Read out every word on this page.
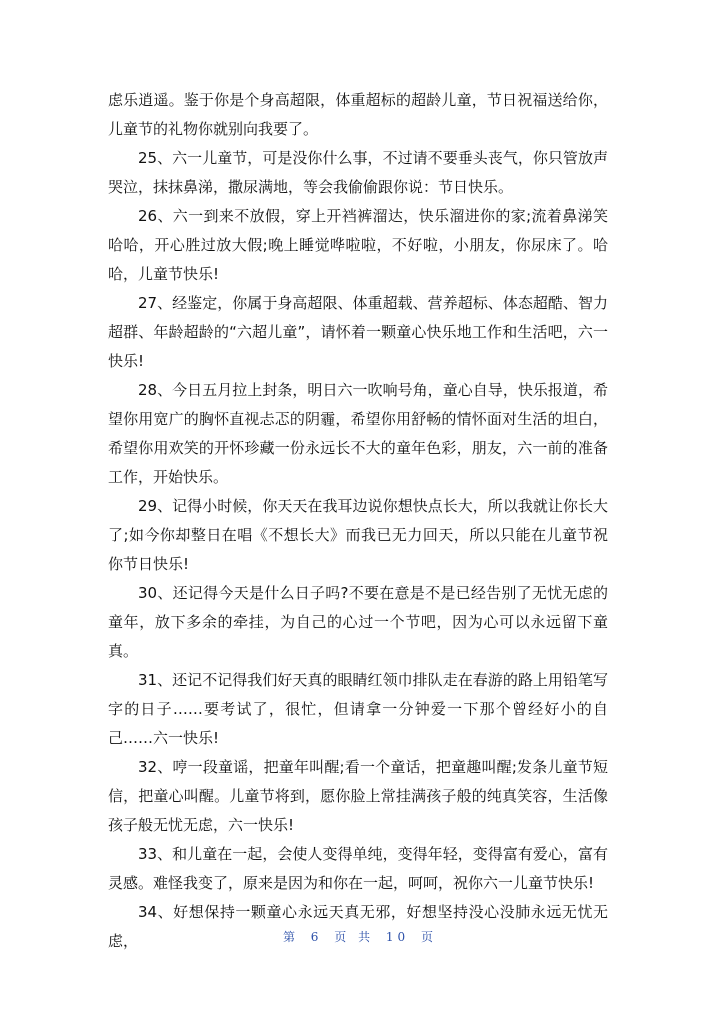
虑乐逍遥。鉴于你是个身高超限，体重超标的超龄儿童，节日祝福送给你，儿童节的礼物你就别向我要了。

25、六一儿童节，可是没你什么事，不过请不要垂头丧气，你只管放声哭泣，抹抹鼻涕，撒尿满地，等会我偷偷跟你说：节日快乐。

26、六一到来不放假，穿上开裆裤溜达，快乐溜进你的家;流着鼻涕笑哈哈，开心胜过放大假;晚上睡觉哗啦啦，不好啦，小朋友，你尿床了。哈哈，儿童节快乐!

27、经鉴定，你属于身高超限、体重超载、营养超标、体态超酷、智力超群、年龄超龄的“六超儿童”，请怀着一颗童心快乐地工作和生活吧，六一快乐!

28、今日五月拉上封条，明日六一吹响号角，童心自导，快乐报道，希望你用宽广的胸怀直视忐忑的阴霾，希望你用舒畅的情怀面对生活的坦白，希望你用欢笑的开怀珍藏一份永远长不大的童年色彩，朋友，六一前的准备工作，开始快乐。

29、记得小时候，你天天在我耳边说你想快点长大，所以我就让你长大了;如今你却整日在唱《不想长大》而我已无力回天，所以只能在儿童节祝你节日快乐!

30、还记得今天是什么日子吗?不要在意是不是已经告别了无忧无虑的童年，放下多余的牵挂，为自己的心过一个节吧，因为心可以永远留下童真。

31、还记不记得我们好天真的眼睛红领巾排队走在春游的路上用铅笔写字的日子……要考试了，很忙，但请拿一分钟爱一下那个曾经好小的自己……六一快乐!

32、哼一段童谣，把童年叫醒;看一个童话，把童趣叫醒;发条儿童节短信，把童心叫醒。儿童节将到，愿你脸上常挂满孩子般的纯真笑容，生活像孩子般无忧无虑，六一快乐!

33、和儿童在一起，会使人变得单纯，变得年轻，变得富有爱心，富有灵感。难怪我变了，原来是因为和你在一起，呵呵，祝你六一儿童节快乐!

34、好想保持一颗童心永远天真无邪，好想坚持没心没肺永远无忧无虑，	第 6 页 共 10 页
